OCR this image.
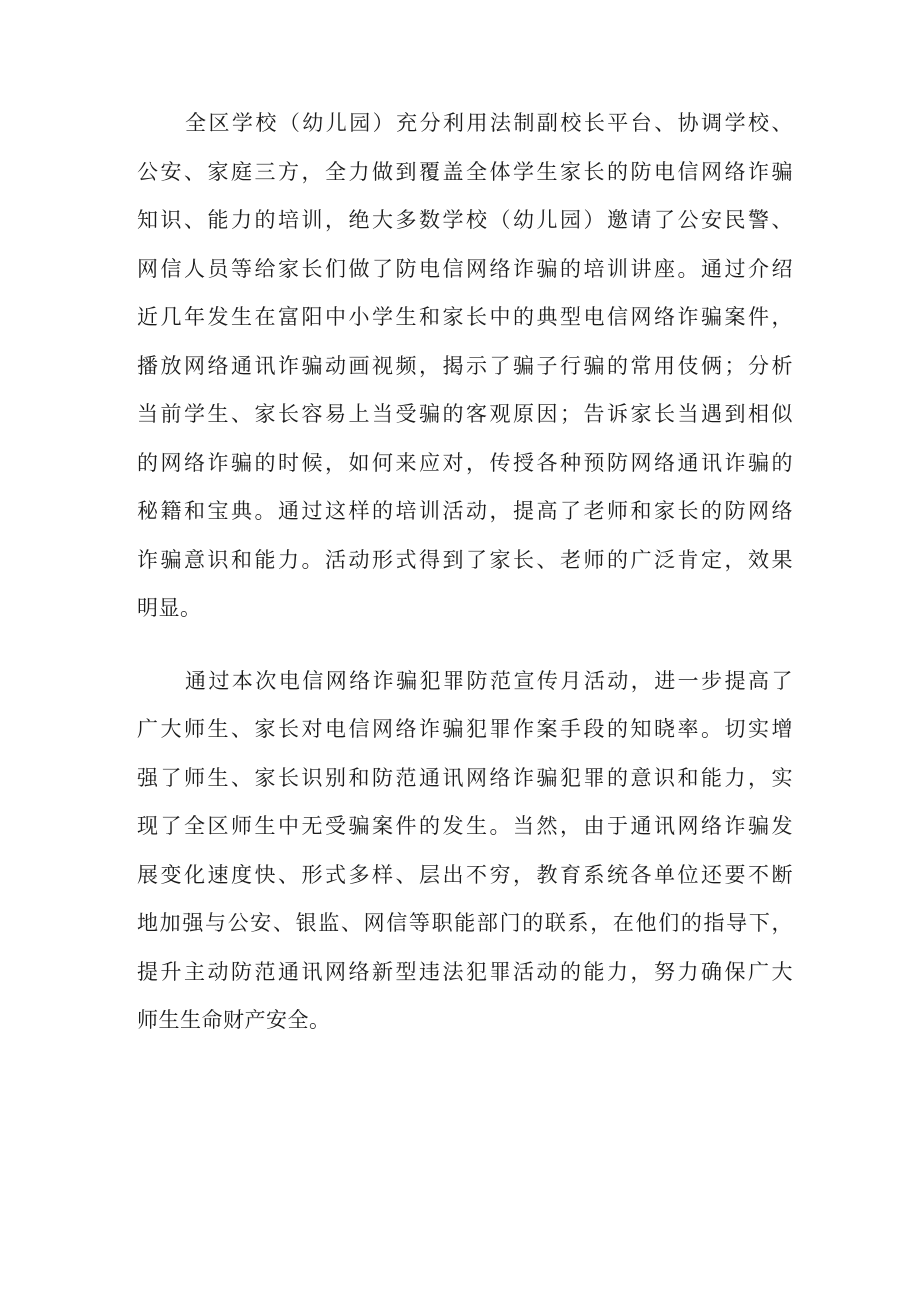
全区学校（幼儿园）充分利用法制副校长平台、协调学校、
公安、家庭三方，全力做到覆盖全体学生家长的防电信网络诈骗
知识、能力的培训，绝大多数学校（幼儿园）邀请了公安民警、
网信人员等给家长们做了防电信网络诈骗的培训讲座。通过介绍
近几年发生在富阳中小学生和家长中的典型电信网络诈骗案件，
播放网络通讯诈骗动画视频，揭示了骗子行骗的常用伎俩；分析
当前学生、家长容易上当受骗的客观原因；告诉家长当遇到相似
的网络诈骗的时候，如何来应对，传授各种预防网络通讯诈骗的
秘籍和宝典。通过这样的培训活动，提高了老师和家长的防网络
诈骗意识和能力。活动形式得到了家长、老师的广泛肯定，效果
明显。
通过本次电信网络诈骗犯罪防范宣传月活动，进一步提高了
广大师生、家长对电信网络诈骗犯罪作案手段的知晓率。切实增
强了师生、家长识别和防范通讯网络诈骗犯罪的意识和能力，实
现了全区师生中无受骗案件的发生。当然，由于通讯网络诈骗发
展变化速度快、形式多样、层出不穷，教育系统各单位还要不断
地加强与公安、银监、网信等职能部门的联系，在他们的指导下，
提升主动防范通讯网络新型违法犯罪活动的能力，努力确保广大
师生生命财产安全。
